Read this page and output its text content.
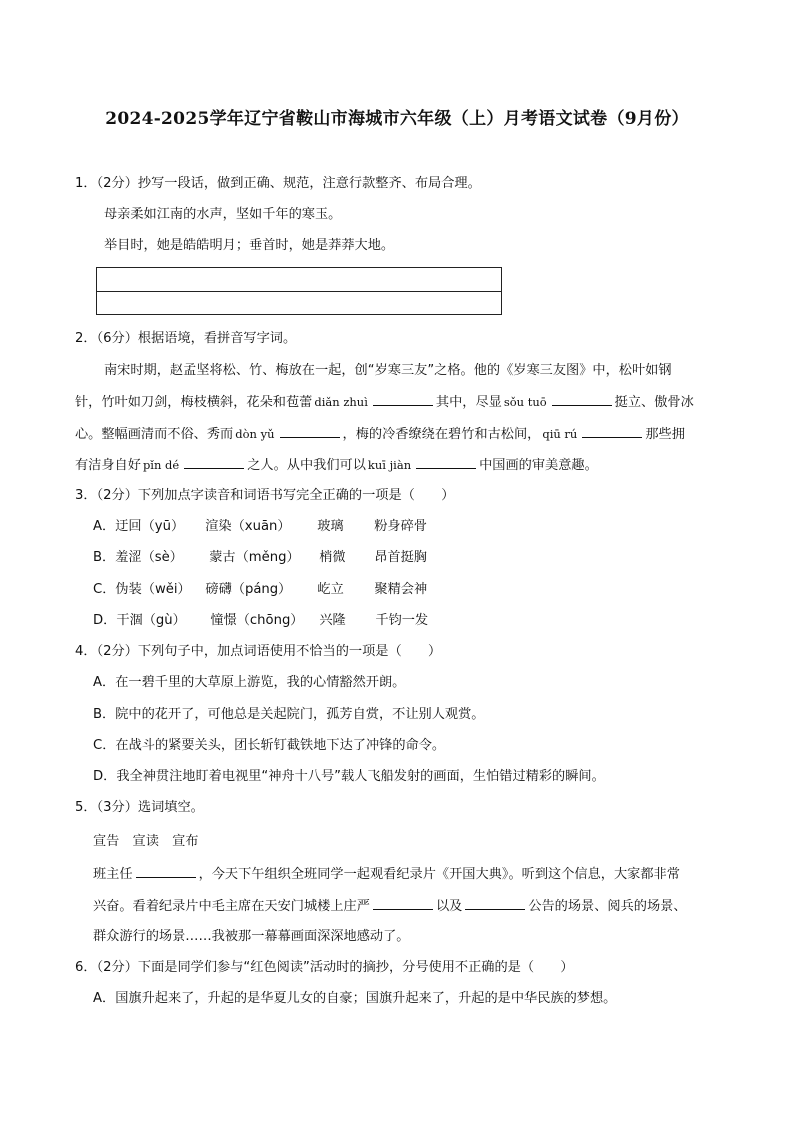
2024-2025学年辽宁省鞍山市海城市六年级（上）月考语文试卷（9月份）
1．（2分）抄写一段话，做到正确、规范，注意行款整齐、布局合理。
母亲柔如江南的水声，坚如千年的寒玉。
举目时，她是皓皓明月；垂首时，她是莽莽大地。
2．（6分）根据语境，看拼音写字词。
南宋时期，赵孟坚将松、竹、梅放在一起，创“岁寒三友”之格。他的《岁寒三友图》中，松叶如钢
针，竹叶如刀剑，梅枝横斜，花朵和苞蕾 diǎn zhuì	其中，尽显 sǒu tuō	挺立、傲骨冰
心。整幅画清而不俗、秀而 dòn yǔ	，梅的冷香缭绕在碧竹和古松间， qiū rú	那些拥
有洁身自好 pǐn dé	之人。从中我们可以 kuī jiàn	中国画的审美意趣。
3．（2分）下列加点字读音和词语书写完全正确的一项是（　　）
A．迂回（yū） 渲染（xuān） 玻璃 粉身碎骨
B．羞涩（sè） 蒙古（měng） 梢微 昂首挺胸
C．伪装（wěi） 磅礴（páng） 屹立 聚精会神
D．干涸（gù） 憧憬（chōng） 兴隆 千钧一发
4．（2分）下列句子中，加点词语使用不恰当的一项是（　　）
A．在一碧千里的大草原上游览，我的心情豁然开朗。
B．院中的花开了，可他总是关起院门，孤芳自赏，不让别人观赏。
C．在战斗的紧要关头，团长斩钉截铁地下达了冲锋的命令。
D．我全神贯注地盯着电视里“神舟十八号”载人飞船发射的画面，生怕错过精彩的瞬间。
5．（3分）选词填空。
宣告　宣读　宣布
班主任	，今天下午组织全班同学一起观看纪录片《开国大典》。听到这个信息，大家都非常
兴奋。看着纪录片中毛主席在天安门城楼上庄严	以及	公告的场景、阅兵的场景、
群众游行的场景……我被那一幕幕画面深深地感动了。
6．（2分）下面是同学们参与“红色阅读”活动时的摘抄，分号使用不正确的是（　　）
A．国旗升起来了，升起的是华夏儿女的自豪；国旗升起来了，升起的是中华民族的梦想。
